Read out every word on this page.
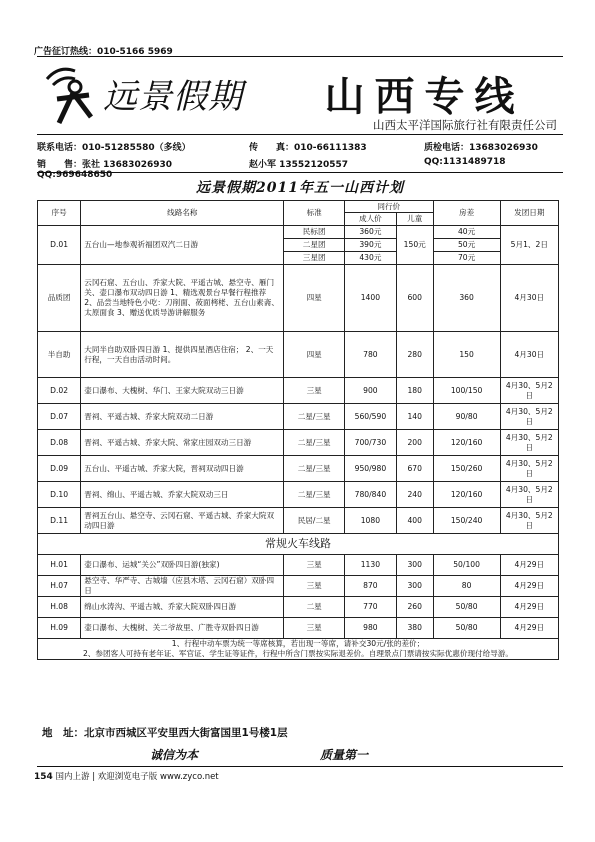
广告征订热线：010-5166 5969
远景假期	山西专线
山西太平洋国际旅行社有限责任公司
联系电话：010-51285580（多线）	传　　真：010-66111383	质检电话：13683026930
销　　售：张社 13683026930 QQ:969648650
赵小军 13552120557	QQ:1131489718
远景假期2011年五一山西计划
序号	线路名称	标准	同行价		房差	发团日期
			成人价	儿童		
D.01	五台山—地参观祈福团双汽二日游	民标团	360元	150元	40元	5月1、2日
		二星团	390元		50元	
		三星团	430元		70元	
品质团	云冈石窟、五台山、乔家大院、平遥古城、悬空寺、雁门关、壶口瀑布双动四日游 1、精选观景台早餐行程推荐 2、品尝当地特色小吃：刀削面、莜面栲栳、五台山素斋、太原面食 3、赠送优质导游讲解服务	四星	1400	600	360	4月30日
半自助	大同半自助双卧四日游 1、提供四星酒店住宿； 2、一天行程，一天自由活动时间。	四星	780	280	150	4月30日
D.02	壶口瀑布、大槐树、华门、王家大院双动三日游	三星	900	180	100/150	4月30、5月2日
D.07	晋祠、平遥古城、乔家大院双动二日游	二星/三星	560/590	140	90/80	4月30、5月2日
D.08	晋祠、平遥古城、乔家大院、常家庄园双动三日游	二星/三星	700/730	200	120/160	4月30、5月2日
D.09	五台山、平遥古城、乔家大院，晋祠双动四日游	二星/三星	950/980	670	150/260	4月30、5月2日
D.10	晋祠、绵山、平遥古城、乔家大院双动三日	二星/三星	780/840	240	120/160	4月30、5月2日
D.11	晋祠五台山、悬空寺、云冈石窟、平遥古城、乔家大院双动四日游	民居/二星	1080	400	150/240	4月30、5月2日
常规火车线路						
H.01	壶口瀑布、运城“关公”双卧四日游(独家)	三星	1130	300	50/100	4月29日
H.07	悬空寺、华严寺、古城墙（应县木塔、云冈石窟）双卧四日	三星	870	300	80	4月29日
H.08	绵山水涛沟、平遥古城、乔家大院双卧四日游	二星	770	260	50/80	4月29日
H.09	壶口瀑布、大槐树、关二爷故里、广胜寺双卧四日游	三星	980	380	50/80	4月29日

1、行程中动车票为统一等席核算，若出现一等席，请补交30元/张的差价；
2、参团客人可持有老年证、军官证、学生证等证件，行程中所含门票按实际退差价。自理景点门票请按实际优惠价现付给导游。						
地　址：北京市西城区平安里西大街富国里1号楼1层
诚信为本	质量第一
154 国内上游 | 欢迎浏览电子版 www.zyco.net
